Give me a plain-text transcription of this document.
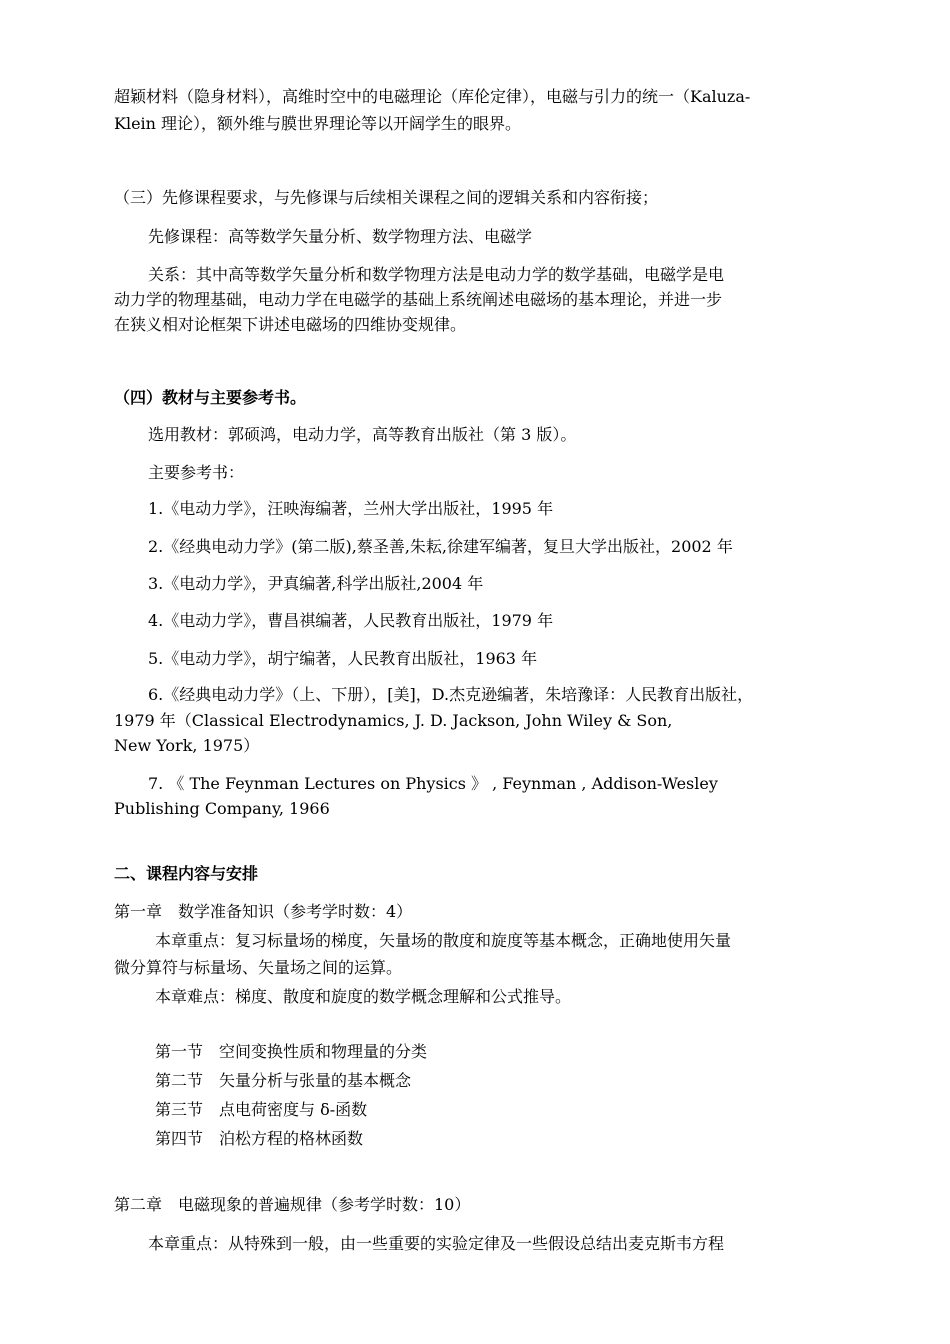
超颖材料（隐身材料），高维时空中的电磁理论（库伦定律），电磁与引力的统一（Kaluza-

Klein 理论），额外维与膜世界理论等以开阔学生的眼界。

（三）先修课程要求，与先修课与后续相关课程之间的逻辑关系和内容衔接；

先修课程：高等数学矢量分析、数学物理方法、电磁学

关系：其中高等数学矢量分析和数学物理方法是电动力学的数学基础，电磁学是电

动力学的物理基础，电动力学在电磁学的基础上系统阐述电磁场的基本理论，并进一步

在狭义相对论框架下讲述电磁场的四维协变规律。

（四）教材与主要参考书。

选用教材：郭硕鸿，电动力学，高等教育出版社（第 3 版）。

主要参考书：

1.《电动力学》，汪映海编著，兰州大学出版社，1995 年

2.《经典电动力学》(第二版),蔡圣善,朱耘,徐建军编著，复旦大学出版社，2002 年

3.《电动力学》，尹真编著,科学出版社,2004 年

4.《电动力学》，曹昌祺编著，人民教育出版社，1979 年

5.《电动力学》，胡宁编著，人民教育出版社，1963 年

6.《经典电动力学》（上、下册），[美]，D.杰克逊编著，朱培豫译：人民教育出版社，

1979 年（Classical Electrodynamics, J. D. Jackson, John Wiley & Son,

New York, 1975）

7. 《 The Feynman Lectures on Physics 》 , Feynman , Addison-Wesley

Publishing Company, 1966

二、课程内容与安排

第一章　数学准备知识（参考学时数：4）

本章重点：复习标量场的梯度，矢量场的散度和旋度等基本概念，正确地使用矢量

微分算符与标量场、矢量场之间的运算。

本章难点：梯度、散度和旋度的数学概念理解和公式推导。

第一节　空间变换性质和物理量的分类

第二节　矢量分析与张量的基本概念

第三节　点电荷密度与 δ-函数

第四节　泊松方程的格林函数

第二章　电磁现象的普遍规律（参考学时数：10）

本章重点：从特殊到一般，由一些重要的实验定律及一些假设总结出麦克斯韦方程
